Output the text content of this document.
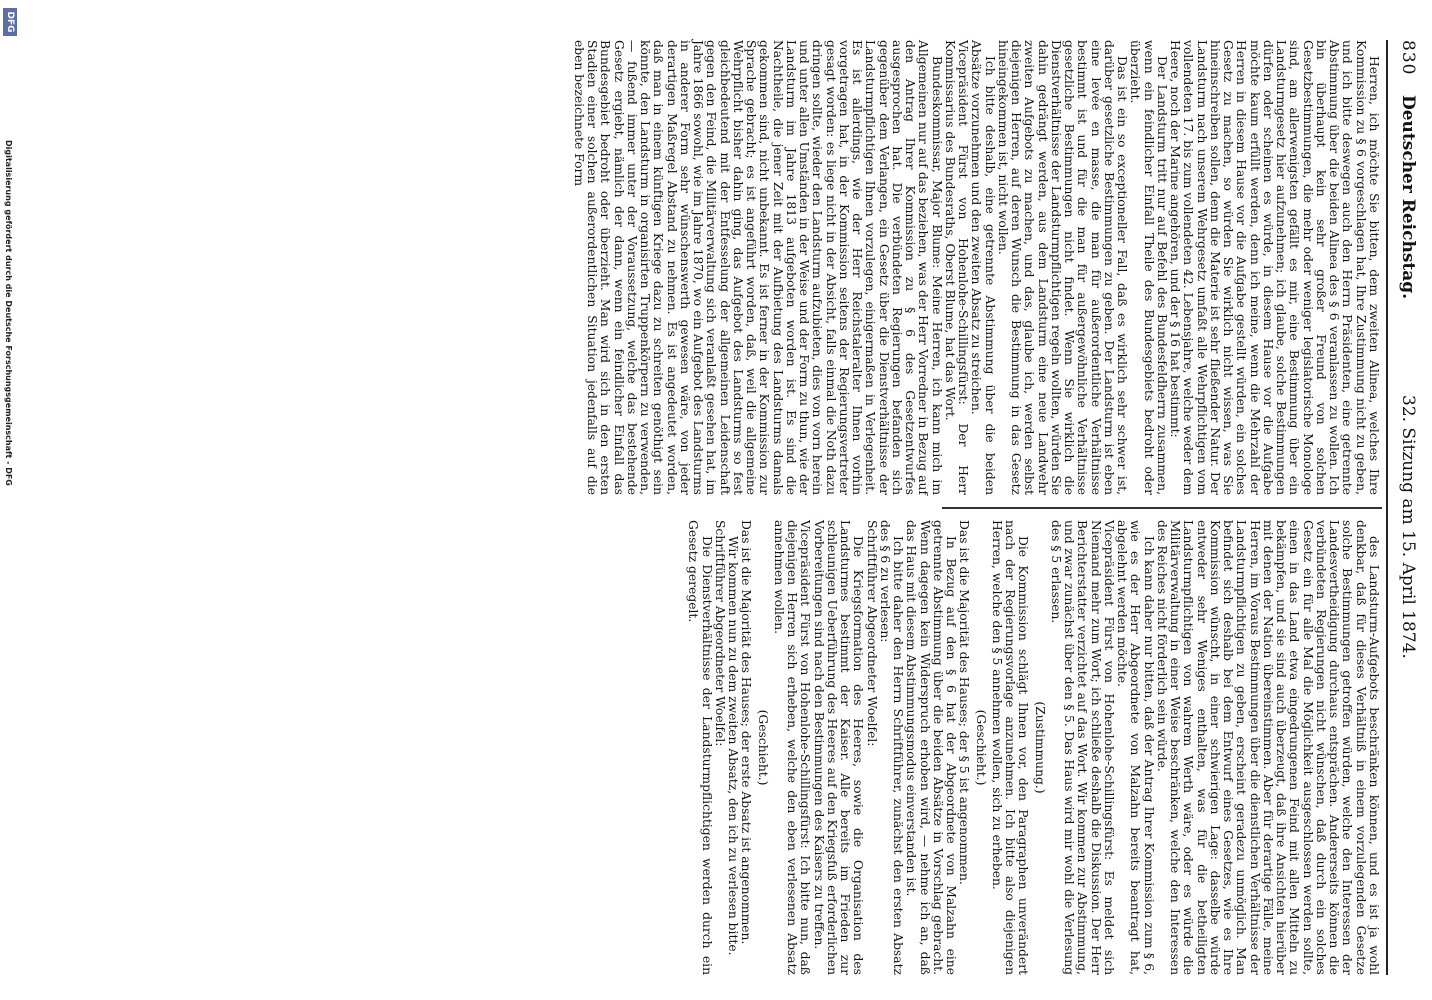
830
Deutscher Reichstag.
32. Sitzung am 15. April 1874.

Herren, ich möchte Sie bitten, dem zweiten Alinea, welches Ihre Kommission zu § 6 vorgeschlagen hat, Ihre Zustimmung nicht zu geben, und ich bitte deswegen auch den Herrn Präsidenten, eine getrennte Abstimmung über die beiden Alinea des § 6 veranlassen zu wollen. Ich bin überhaupt kein sehr großer Freund von solchen Gesetzbestimmungen, die mehr oder weniger legislatorische Monologe sind, am allerwenigsten gefällt es mir, eine Bestimmung über ein Landsturmgesetz hier aufzunehmen; ich glaube, solche Bestimmungen dürfen oder scheinen es würde, in diesem Hause vor die Aufgabe möchte kaum erfüllt werden, denn ich meine, wenn die Mehrzahl der Herren in diesem Hause vor die Aufgabe gestellt würden, ein solches Gesetz zu machen, so würden Sie wirklich nicht wissen, was Sie hineinschreiben sollen, denn die Materie ist sehr fließender Natur. Der Landsturm nach unserem Wehrgesetz umfaßt alle Wehrpflichtigen vom vollendeten 17. bis zum vollendeten 42. Lebensjahre, welche weder dem Heere, noch der Marine angehören, und der § 16 hat bestimmt:

Der Landsturm tritt nur auf Befehl des Bundesfeldherrn zusammen, wenn ein feindlicher Einfall Theile des Bundesgebiets bedroht oder überzieht.

Das ist ein so exceptioneller Fall, daß es wirklich sehr schwer ist, darüber gesetzliche Bestimmungen zu geben. Der Landsturm ist eben eine levée en masse, die man für außerordentliche Verhältnisse bestimmt ist und für die man für außergewöhnliche Verhältnisse gesetzliche Bestimmungen nicht findet. Wenn Sie wirklich die Dienstverhältnisse der Landsturmpflichtigen regeln wollten, würden Sie dahin gedrängt werden, aus dem Landsturm eine neue Landwehr zweiten Aufgebots zu machen, und das, glaube ich, werden selbst diejenigen Herren, auf deren Wunsch die Bestimmung in das Gesetz hineingekommen ist, nicht wollen.

Ich bitte deshalb, eine getrennte Abstimmung über die beiden Absätze vorzunehmen und den zweiten Absatz zu streichen.

Vicepräsident Fürst von Hohenlohe-Schillingsfürst: Der Herr Kommissarius des Bundesraths, Oberst Blume, hat das Wort.

Bundeskommissar, Major Blume: Meine Herren, ich kann mich im Allgemeinen nur auf das beziehen, was der Herr Vorredner in Bezug auf den Antrag Ihrer Kommission zu § 6 des Gesetzentwurfes ausgesprochen hat. Die verbündeten Regierungen befanden sich gegenüber dem Verlangen, ein Gesetz über die Dienstverhältnisse der Landsturmpflichtigen Ihnen vorzulegen, einigermaßen in Verlegenheit. Es ist allerdings, wie der Herr Reichstaleralter Ihnen vorhin vorgetragen hat, in der Kommission seitens der Regierungsvertreter gesagt worden: es liege nicht in der Absicht, falls einmal die Noth dazu dringen sollte, wieder den Landsturm aufzubieten, dies von vorn herein und unter allen Umständen in der Weise und der Form zu thun, wie der Landsturm im Jahre 1813 aufgeboten worden ist. Es sind die Nachtheile, die jener Zeit mit der Aufbietung des Landsturms damals gekommen sind, nicht unbekannt. Es ist ferner in der Kommission zur Sprache gebracht; es ist angeführt worden, daß, weil die allgemeine Wehrpflicht bisher dahin ging, das Aufgebot des Landsturms so fest gleichbedeutend mit der Entfesselung der allgemeinen Leidenschaft gegen den Feind, die Militärverwaltung sich veranlaßt gesehen hat, im Jahre 1866 sowohl, wie im Jahre 1870, wo ein Aufgebot des Landsturms in anderer Form sehr wünschenswerth gewesen wäre, von jeder derartigen Maßregel Abstand zu nehmen. Es ist angedeutet worden, daß man in einem künftigen Kriege dazu zu schreiten genöthigt sein könnte, den Landsturm in organisirten Truppenkörpern zu verwenden, — fußend immer unter der Voraussetzung, welche das bestehende Gesetz ergiebt, nämlich der dann, wenn ein feindlicher Einfall das Bundesgebiet bedroht oder überzieht. Man wird sich in den ersten Stadien einer solchen außerordentlichen Situation jedenfalls auf die eben bezeichnete Form

des Landsturm-Aufgebots beschränken können, und es ist ja wohl denkbar, daß für dieses Verhältniß in einem vorzulegenden Gesetze solche Bestimmungen getroffen würden, welche den Interessen der Landesvertheidigung durchaus entsprächen. Andererseits können die verbündeten Regierungen nicht wünschen, daß durch ein solches Gesetz ein für alle Mal die Möglichkeit ausgeschlossen werden sollte, einen in das Land etwa eingedrungenen Feind mit allen Mitteln zu bekämpfen, und sie sind auch überzeugt, daß ihre Ansichten hierüber mit denen der Nation übereinstimmen. Aber für derartige Fälle, meine Herren, im Voraus Bestimmungen über die dienstlichen Verhältnisse der Landsturmpflichtigen zu geben, erscheint geradezu unmöglich. Man befindet sich deshalb bei dem Entwurf eines Gesetzes, wie es Ihre Kommission wünscht, in einer schwierigen Lage: dasselbe würde entweder sehr Weniges enthalten, was für die betheiligten Landsturmpflichtigen von wahrem Werth wäre, oder es würde die Militärverwaltung in einer Weise beschränken, welche den Interessen des Reiches nicht förderlich sein würde.

Ich kann daher nur bitten, daß der Antrag Ihrer Kommission zum § 6, wie es der Herr Abgeordnete von Malzahn bereits beantragt hat, abgelehnt werden möchte.

Vicepräsident Fürst von Hohenlohe-Schillingsfürst: Es meldet sich Niemand mehr zum Wort; ich schließe deshalb die Diskussion. Der Herr Berichterstatter verzichtet auf das Wort. Wir kommen zur Abstimmung, und zwar zunächst über den § 5. Das Haus wird mir wohl die Verlesung des § 5 erlassen.

(Zustimmung.)

Die Kommission schlägt Ihnen vor, den Paragraphen unverändert nach der Regierungsvorlage anzunehmen. Ich bitte also diejenigen Herren, welche den § 5 annehmen wollen, sich zu erheben.

(Geschieht.)

Das ist die Majorität des Hauses; der § 5 ist angenommen.

In Bezug auf den § 6 hat der Abgeordnete von Malzahn eine getrennte Abstimmung über die beiden Absätze in Vorschlag gebracht. Wenn dagegen kein Widerspruch erhoben wird, — nehme ich an, daß das Haus mit diesem Abstimmungsmodus einverstanden ist.

Ich bitte daher den Herrn Schriftführer, zunächst den ersten Absatz des § 6 zu verlesen:

Schriftführer Abgeordneter Woelfel:

Die Kriegsformation des Heeres, sowie die Organisation des Landsturmes bestimmt der Kaiser. Alle bereits im Frieden zur schleunigen Ueberführung des Heeres auf den Kriegsfuß erforderlichen Vorbereitungen sind nach den Bestimmungen des Kaisers zu treffen.

Vicepräsident Fürst von Hohenlohe-Schillingsfürst: Ich bitte nun, daß diejenigen Herren sich erheben, welche den eben verlesenen Absatz annehmen wollen.

(Geschieht.)

Das ist die Majorität des Hauses; der erste Absatz ist angenommen.

Wir kommen nun zu dem zweiten Absatz, den ich zu verlesen bitte.

Schriftführer Abgeordneter Woelfel:

Die Dienstverhältnisse der Landsturmpflichtigen werden durch ein Gesetz geregelt.

DFG
Digitalisierung gefördert durch die Deutsche Forschungsgemeinschaft - DFG
